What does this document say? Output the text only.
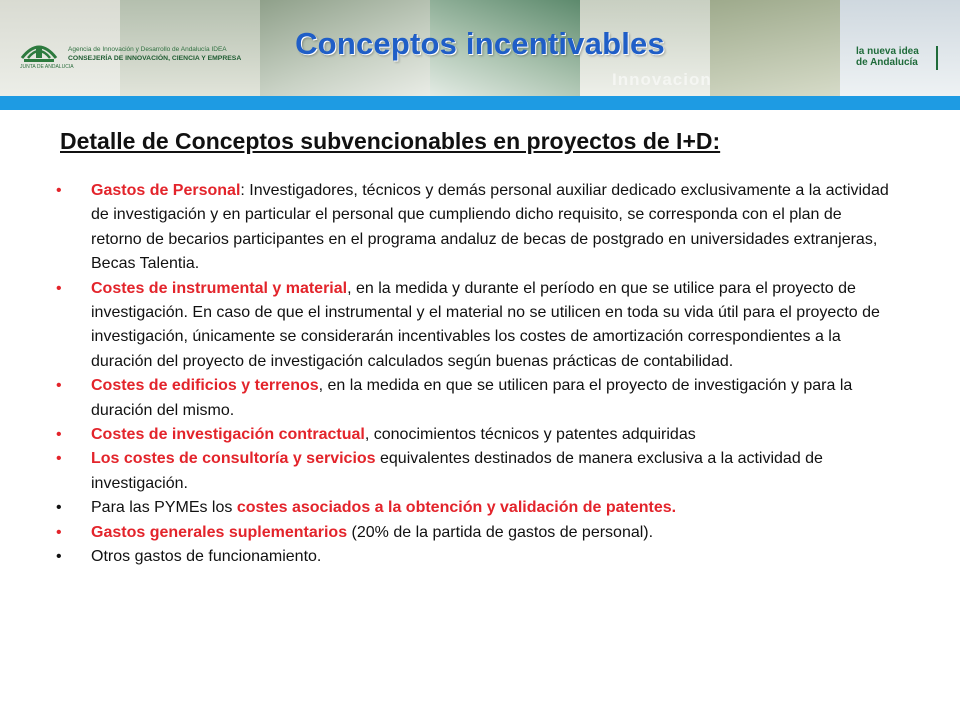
Innovacion
JUNTA DE ANDALUCIA
Agencia de Innovación y Desarrollo de Andalucía IDEA
CONSEJERÍA DE INNOVACIÓN, CIENCIA Y EMPRESA
la nueva idea
de Andalucía
Conceptos incentivables
Detalle de Conceptos subvencionables en proyectos de I+D:
• Gastos de Personal: Investigadores, técnicos y demás personal auxiliar dedicado exclusivamente a la actividad de investigación y en particular el personal que cumpliendo dicho requisito, se corresponda con el plan de retorno de becarios participantes en el programa andaluz de becas de postgrado en universidades extranjeras, Becas Talentia.
• Costes de instrumental y material, en la medida y durante el período en que se utilice para el proyecto de investigación. En caso de que el instrumental y el material no se utilicen en toda su vida útil para el proyecto de investigación, únicamente se considerarán incentivables los costes de amortización correspondientes a la duración del proyecto de investigación calculados según buenas prácticas de contabilidad.
• Costes de edificios y terrenos, en la medida en que se utilicen para el proyecto de investigación y para la duración del mismo.
• Costes de investigación contractual, conocimientos técnicos y patentes adquiridas
• Los costes de consultoría y servicios equivalentes destinados de manera exclusiva a la actividad de investigación.
• Para las PYMEs los costes asociados a la obtención y validación de patentes.
• Gastos generales suplementarios (20% de la partida de gastos de personal).
• Otros gastos de funcionamiento.
